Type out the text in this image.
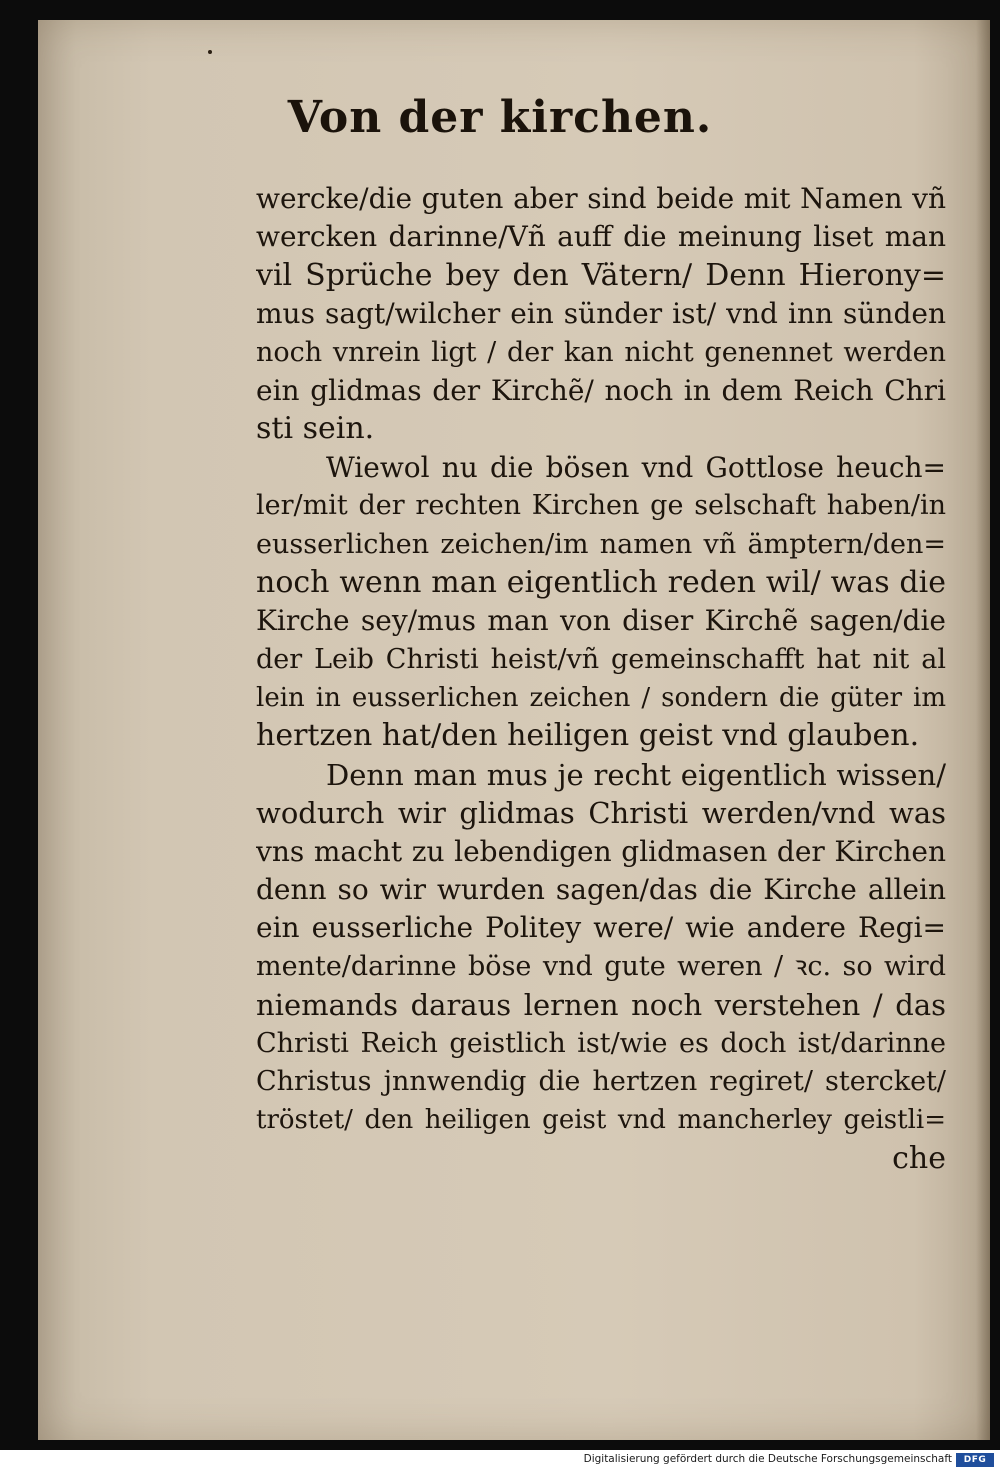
Von der kirchen.
wercke/die guten aber sind beide mit Namen vñ
wercken darinne/Vñ auff die meinung liset man
vil Sprüche bey den Vätern/ Denn Hierony=
mus sagt/wilcher ein sünder ist/ vnd inn sünden
noch vnrein ligt / der kan nicht genennet werden
ein glidmas der Kirchẽ/ noch in dem Reich Chri
sti sein.
Wiewol nu die bösen vnd Gottlose heuch=
ler/mit der rechten Kirchen ge selschaft haben/in
eusserlichen zeichen/im namen vñ ämptern/den=
noch wenn man eigentlich reden wil/ was die
Kirche sey/mus man von diser Kirchẽ sagen/die
der Leib Christi heist/vñ gemeinschafft hat nit al
lein in eusserlichen zeichen / sondern die güter im
hertzen hat/den heiligen geist vnd glauben.
Denn man mus je recht eigentlich wissen/
wodurch wir glidmas Christi werden/vnd was
vns macht zu lebendigen glidmasen der Kirchen
denn so wir wurden sagen/das die Kirche allein
ein eusserliche Politey were/ wie andere Regi=
mente/darinne böse vnd gute weren / ꝛc. so wird
niemands daraus lernen noch verstehen / das
Christi Reich geistlich ist/wie es doch ist/darinne
Christus jnnwendig die hertzen regiret/ stercket/
tröstet/ den heiligen geist vnd mancherley geistli=
che
Digitalisierung gefördert durch die Deutsche Forschungsgemeinschaft	DFG
